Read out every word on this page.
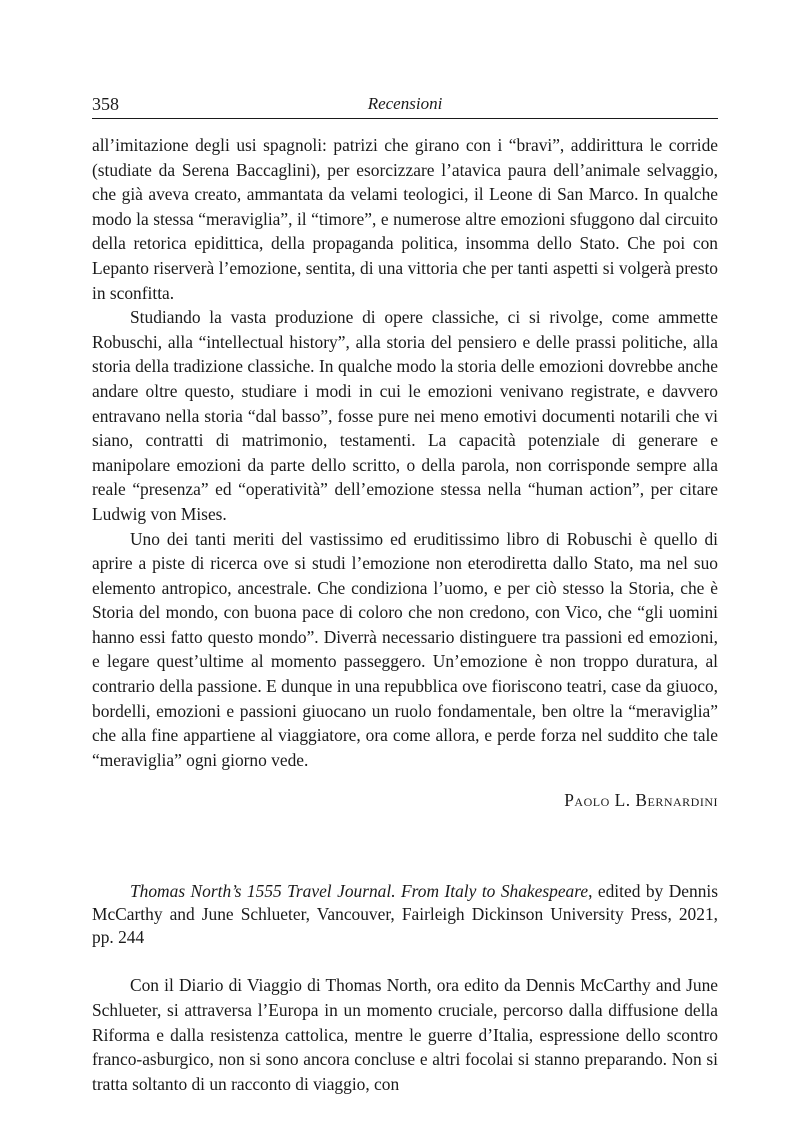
358	Recensioni

all’imitazione degli usi spagnoli: patrizi che girano con i “bravi”, addirittura le corride (studiate da Serena Baccaglini), per esorcizzare l’atavica paura dell’animale selvaggio, che già aveva creato, ammantata da velami teologici, il Leone di San Marco. In qualche modo la stessa “meraviglia”, il “timore”, e numerose altre emozioni sfuggono dal circuito della retorica epidittica, della propaganda politica, insomma dello Stato. Che poi con Lepanto riserverà l’emozione, sentita, di una vittoria che per tanti aspetti si volgerà presto in sconfitta.

Studiando la vasta produzione di opere classiche, ci si rivolge, come ammette Robuschi, alla “intellectual history”, alla storia del pensiero e delle prassi politiche, alla storia della tradizione classiche. In qualche modo la storia delle emozioni dovrebbe anche andare oltre questo, studiare i modi in cui le emozioni venivano registrate, e davvero entravano nella storia “dal basso”, fosse pure nei meno emotivi documenti notarili che vi siano, contratti di matrimonio, testamenti. La capacità potenziale di generare e manipolare emozioni da parte dello scritto, o della parola, non corrisponde sempre alla reale “presenza” ed “operatività” dell’emozione stessa nella “human action”, per citare Ludwig von Mises.

Uno dei tanti meriti del vastissimo ed eruditissimo libro di Robuschi è quello di aprire a piste di ricerca ove si studi l’emozione non eterodiretta dallo Stato, ma nel suo elemento antropico, ancestrale. Che condiziona l’uomo, e per ciò stesso la Storia, che è Storia del mondo, con buona pace di coloro che non credono, con Vico, che “gli uomini hanno essi fatto questo mondo”. Diverrà necessario distinguere tra passioni ed emozioni, e legare quest’ultime al momento passeggero. Un’emozione è non troppo duratura, al contrario della passione. E dunque in una repubblica ove fioriscono teatri, case da giuoco, bordelli, emozioni e passioni giuocano un ruolo fondamentale, ben oltre la “meraviglia” che alla fine appartiene al viaggiatore, ora come allora, e perde forza nel suddito che tale “meraviglia” ogni giorno vede.

Paolo L. Bernardini
Thomas North’s 1555 Travel Journal. From Italy to Shakespeare, edited by Dennis McCarthy and June Schlueter, Vancouver, Fairleigh Dickinson University Press, 2021, pp. 244

Con il Diario di Viaggio di Thomas North, ora edito da Dennis McCarthy and June Schlueter, si attraversa l’Europa in un momento cruciale, percorso dalla diffusione della Riforma e dalla resistenza cattolica, mentre le guerre d’Italia, espressione dello scontro franco-asburgico, non si sono ancora concluse e altri focolai si stanno preparando. Non si tratta soltanto di un racconto di viaggio, con
